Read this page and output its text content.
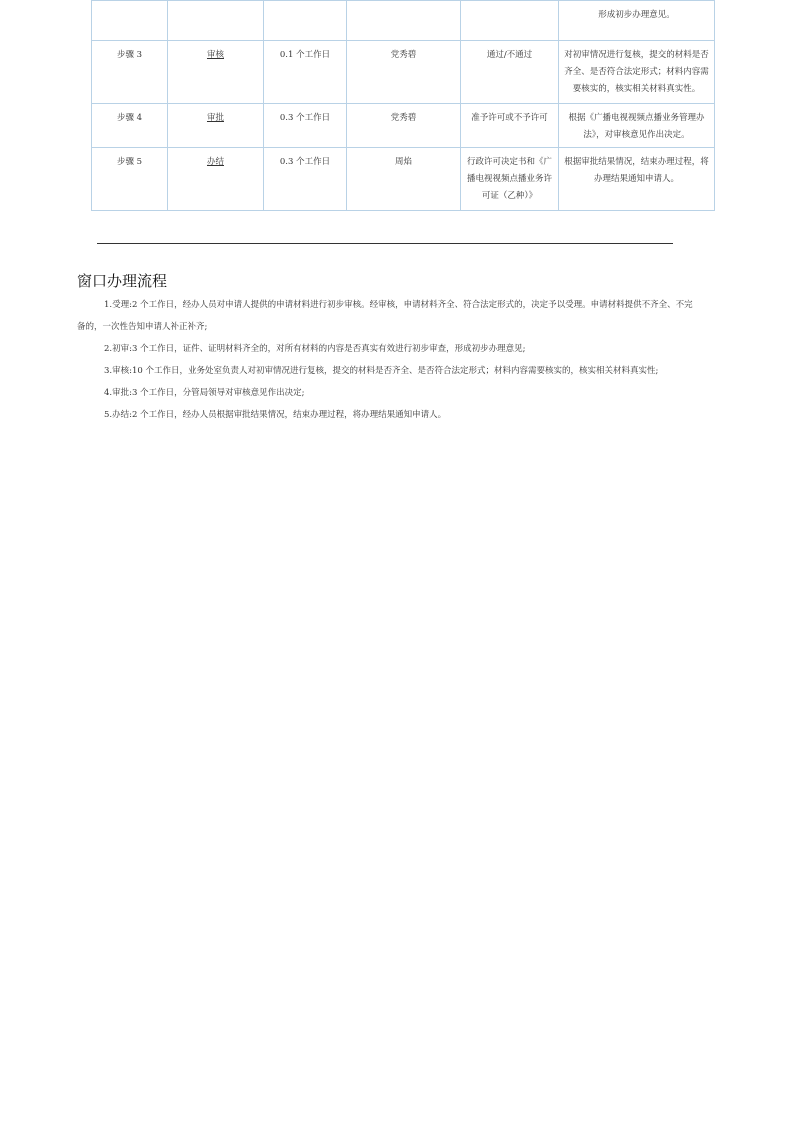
					形成初步办理意见。
步骤 3	审核	0.1 个工作日	党秀碧	通过/不通过	对初审情况进行复核，提交的材料是否齐全、是否符合法定形式；材料内容需要核实的，核实相关材料真实性。
步骤 4	审批	0.3 个工作日	党秀碧	准予许可或不予许可	根据《广播电视视频点播业务管理办法》，对审核意见作出决定。
步骤 5	办结	0.3 个工作日	周焰	行政许可决定书和《广播电视视频点播业务许可证（乙种）》	根据审批结果情况，结束办理过程，将办理结果通知申请人。
窗口办理流程

1.受理:2 个工作日，经办人员对申请人提供的申请材料进行初步审核。经审核，申请材料齐全、符合法定形式的，决定予以受理。申请材料提供不齐全、不完备的，一次性告知申请人补正补齐;

2.初审:3 个工作日，证件、证明材料齐全的，对所有材料的内容是否真实有效进行初步审查，形成初步办理意见;

3.审核:10 个工作日，业务处室负责人对初审情况进行复核，提交的材料是否齐全、是否符合法定形式；材料内容需要核实的，核实相关材料真实性;

4.审批:3 个工作日，分管局领导对审核意见作出决定;

5.办结:2 个工作日，经办人员根据审批结果情况，结束办理过程，将办理结果通知申请人。
